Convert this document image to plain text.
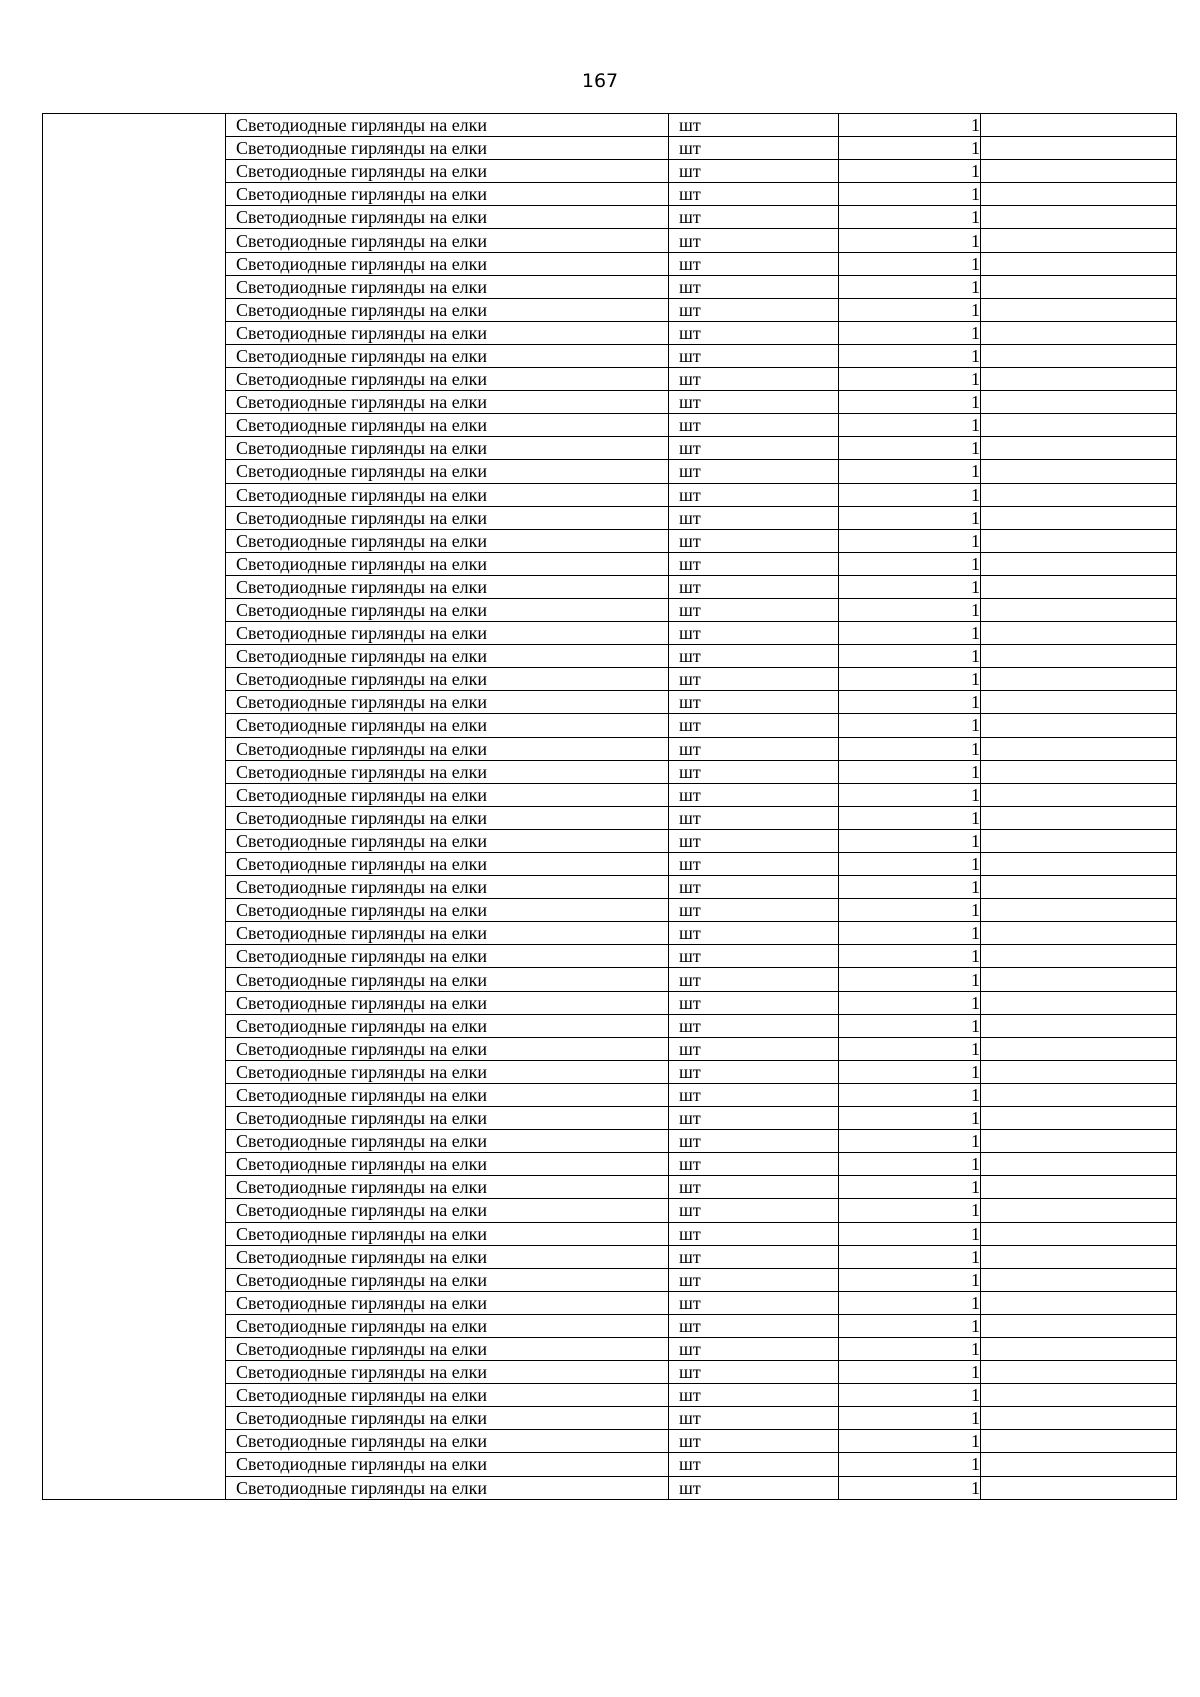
167
	Светодиодные гирлянды на елки	шт	1	
	Светодиодные гирлянды на елки	шт	1	
	Светодиодные гирлянды на елки	шт	1	
	Светодиодные гирлянды на елки	шт	1	
	Светодиодные гирлянды на елки	шт	1	
	Светодиодные гирлянды на елки	шт	1	
	Светодиодные гирлянды на елки	шт	1	
	Светодиодные гирлянды на елки	шт	1	
	Светодиодные гирлянды на елки	шт	1	
	Светодиодные гирлянды на елки	шт	1	
	Светодиодные гирлянды на елки	шт	1	
	Светодиодные гирлянды на елки	шт	1	
	Светодиодные гирлянды на елки	шт	1	
	Светодиодные гирлянды на елки	шт	1	
	Светодиодные гирлянды на елки	шт	1	
	Светодиодные гирлянды на елки	шт	1	
	Светодиодные гирлянды на елки	шт	1	
	Светодиодные гирлянды на елки	шт	1	
	Светодиодные гирлянды на елки	шт	1	
	Светодиодные гирлянды на елки	шт	1	
	Светодиодные гирлянды на елки	шт	1	
	Светодиодные гирлянды на елки	шт	1	
	Светодиодные гирлянды на елки	шт	1	
	Светодиодные гирлянды на елки	шт	1	
	Светодиодные гирлянды на елки	шт	1	
	Светодиодные гирлянды на елки	шт	1	
	Светодиодные гирлянды на елки	шт	1	
	Светодиодные гирлянды на елки	шт	1	
	Светодиодные гирлянды на елки	шт	1	
	Светодиодные гирлянды на елки	шт	1	
	Светодиодные гирлянды на елки	шт	1	
	Светодиодные гирлянды на елки	шт	1	
	Светодиодные гирлянды на елки	шт	1	
	Светодиодные гирлянды на елки	шт	1	
	Светодиодные гирлянды на елки	шт	1	
	Светодиодные гирлянды на елки	шт	1	
	Светодиодные гирлянды на елки	шт	1	
	Светодиодные гирлянды на елки	шт	1	
	Светодиодные гирлянды на елки	шт	1	
	Светодиодные гирлянды на елки	шт	1	
	Светодиодные гирлянды на елки	шт	1	
	Светодиодные гирлянды на елки	шт	1	
	Светодиодные гирлянды на елки	шт	1	
	Светодиодные гирлянды на елки	шт	1	
	Светодиодные гирлянды на елки	шт	1	
	Светодиодные гирлянды на елки	шт	1	
	Светодиодные гирлянды на елки	шт	1	
	Светодиодные гирлянды на елки	шт	1	
	Светодиодные гирлянды на елки	шт	1	
	Светодиодные гирлянды на елки	шт	1	
	Светодиодные гирлянды на елки	шт	1	
	Светодиодные гирлянды на елки	шт	1	
	Светодиодные гирлянды на елки	шт	1	
	Светодиодные гирлянды на елки	шт	1	
	Светодиодные гирлянды на елки	шт	1	
	Светодиодные гирлянды на елки	шт	1	
	Светодиодные гирлянды на елки	шт	1	
	Светодиодные гирлянды на елки	шт	1	
	Светодиодные гирлянды на елки	шт	1	
	Светодиодные гирлянды на елки	шт	1	
